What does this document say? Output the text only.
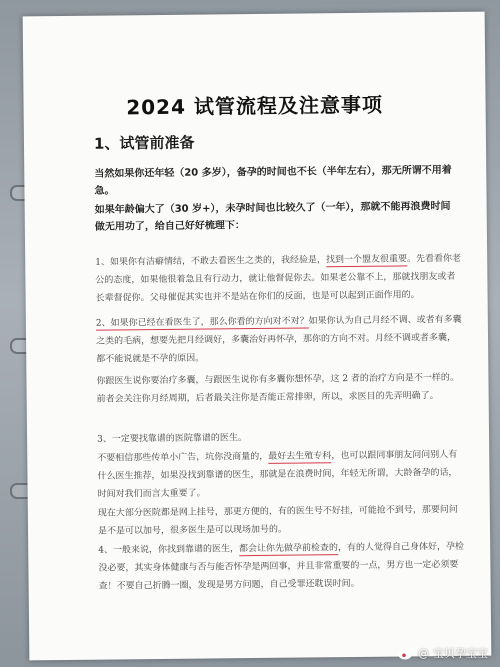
2024 试管流程及注意事项
1、试管前准备

当然如果你还年轻（20 多岁），备孕的时间也不长（半年左右），那无所谓不用着急。

如果年龄偏大了（30 岁+），未孕时间也比较久了（一年），那就不能再浪费时间做无用功了，给自己好好梳理下：

1、如果你有洁癖情结，不敢去看医生之类的，我经验是，找到一个盟友很重要。先看看你老公的态度，如果他很着急且有行动力，就让他督促你去。如果老公靠不上，那就找朋友或者长辈督促你。父母催促其实也并不是站在你们的反面，也是可以起到正面作用的。

2、如果你已经在看医生了，那么你看的方向对不对？如果你认为自己月经不调、或者有多囊之类的毛病，想要先把月经调好，多囊治好再怀孕，那你的方向不对。月经不调或者多囊，都不能说就是不孕的原因。

你跟医生说你要治疗多囊，与跟医生说你有多囊你想怀孕，这 2 者的治疗方向是不一样的。前者会关注你月经周期，后者最关注你是否能正常排卵，所以，求医目的先弄明确了。

3、一定要找靠谱的医院靠谱的医生。

不要相信那些传单小广告，坑你没商量的，最好去生殖专科，也可以跟同事朋友问问别人有什么医生推荐，如果没找到靠谱的医生，那就是在浪费时间，年轻无所谓，大龄备孕的话，时间对我们而言太重要了。

现在大部分医院都是网上挂号，那更方便的，有的医生号不好挂，可能抢不到号，那要问问是不是可以加号，很多医生是可以现场加号的。

4、一般来说，你找到靠谱的医生，都会让你先做孕前检查的，有的人觉得自己身体好，孕检没必要，其实身体健康与否与能否怀孕是两回事，并且非常重要的一点，男方也一定必须要查！不要自己折腾一圈，发现是男方问题，自己受罪还耽误时间。

@ 宝贝孕宝宝
